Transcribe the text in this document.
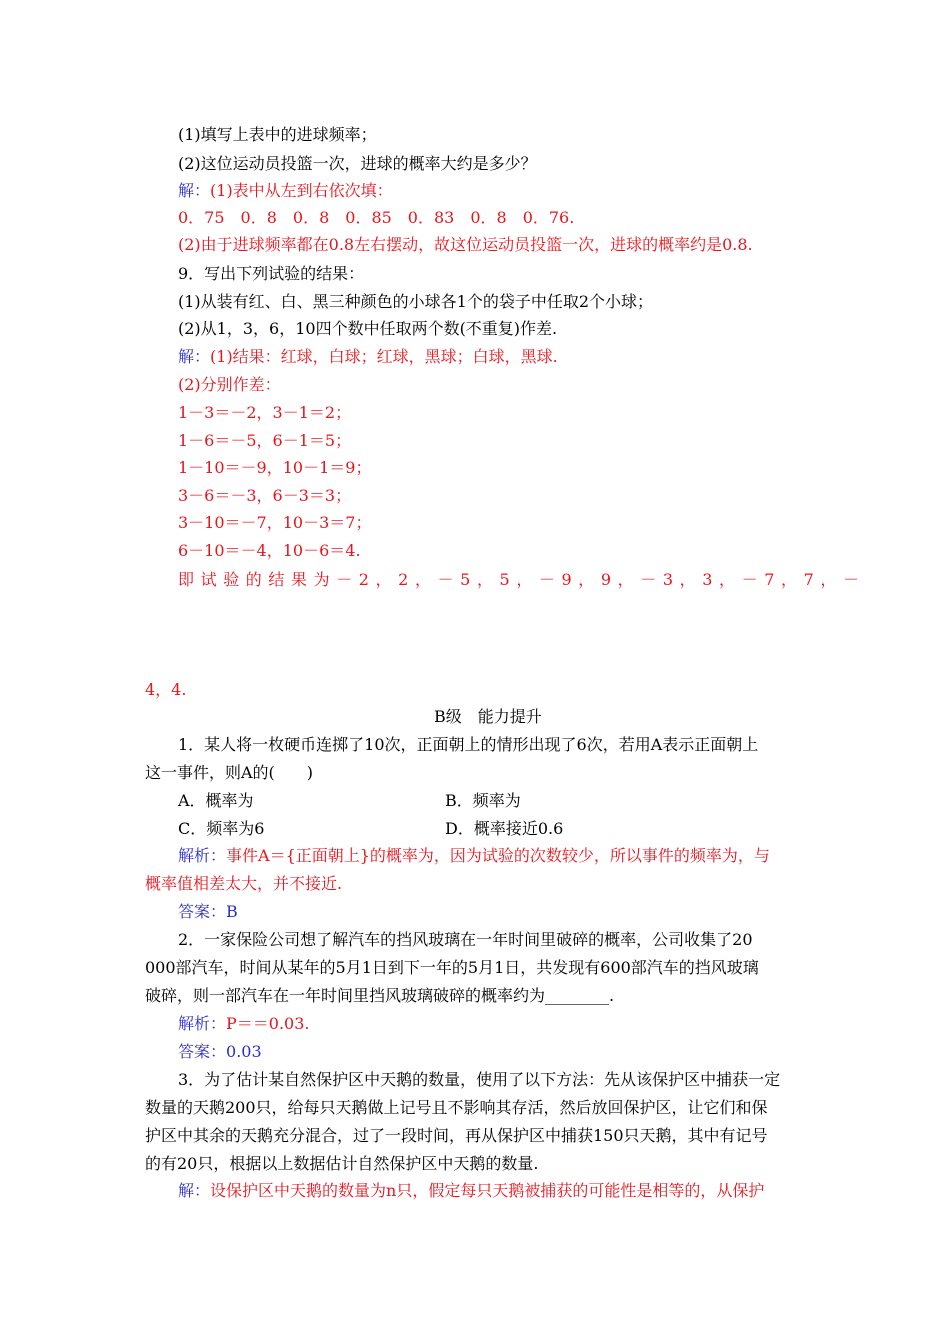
(1)填写上表中的进球频率；
(2)这位运动员投篮一次，进球的概率大约是多少？
解：(1)表中从左到右依次填：
0．75　0．8　0．8　0．85　0．83　0．8　0．76.
(2)由于进球频率都在0.8左右摆动，故这位运动员投篮一次，进球的概率约是0.8.
9．写出下列试验的结果：
(1)从装有红、白、黑三种颜色的小球各1个的袋子中任取2个小球；
(2)从1，3，6，10四个数中任取两个数(不重复)作差.
解：(1)结果：红球，白球；红球，黑球；白球，黑球.
(2)分别作差：
1－3＝－2，3－1＝2；
1－6＝－5，6－1＝5；
1－10＝－9，10－1＝9；
3－6＝－3，6－3＝3；
3－10＝－7，10－3＝7；
6－10＝－4，10－6＝4.
即试验的结果为－2，2，－5，5，－9，9，－3，3，－7，7，－
4，4.
B级　能力提升
1．某人将一枚硬币连掷了10次，正面朝上的情形出现了6次，若用A表示正面朝上
这一事件，则A的(　　)
A．概率为	B．频率为
C．频率为6	D．概率接近0.6
解析：事件A＝{正面朝上}的概率为，因为试验的次数较少，所以事件的频率为，与
概率值相差太大，并不接近.
答案：B
2．一家保险公司想了解汽车的挡风玻璃在一年时间里破碎的概率，公司收集了20
000部汽车，时间从某年的5月1日到下一年的5月1日，共发现有600部汽车的挡风玻璃
破碎，则一部汽车在一年时间里挡风玻璃破碎的概率约为________.
解析：P＝＝0.03.
答案：0.03
3．为了估计某自然保护区中天鹅的数量，使用了以下方法：先从该保护区中捕获一定
数量的天鹅200只，给每只天鹅做上记号且不影响其存活，然后放回保护区，让它们和保
护区中其余的天鹅充分混合，过了一段时间，再从保护区中捕获150只天鹅，其中有记号
的有20只，根据以上数据估计自然保护区中天鹅的数量.
解：设保护区中天鹅的数量为n只，假定每只天鹅被捕获的可能性是相等的，从保护
